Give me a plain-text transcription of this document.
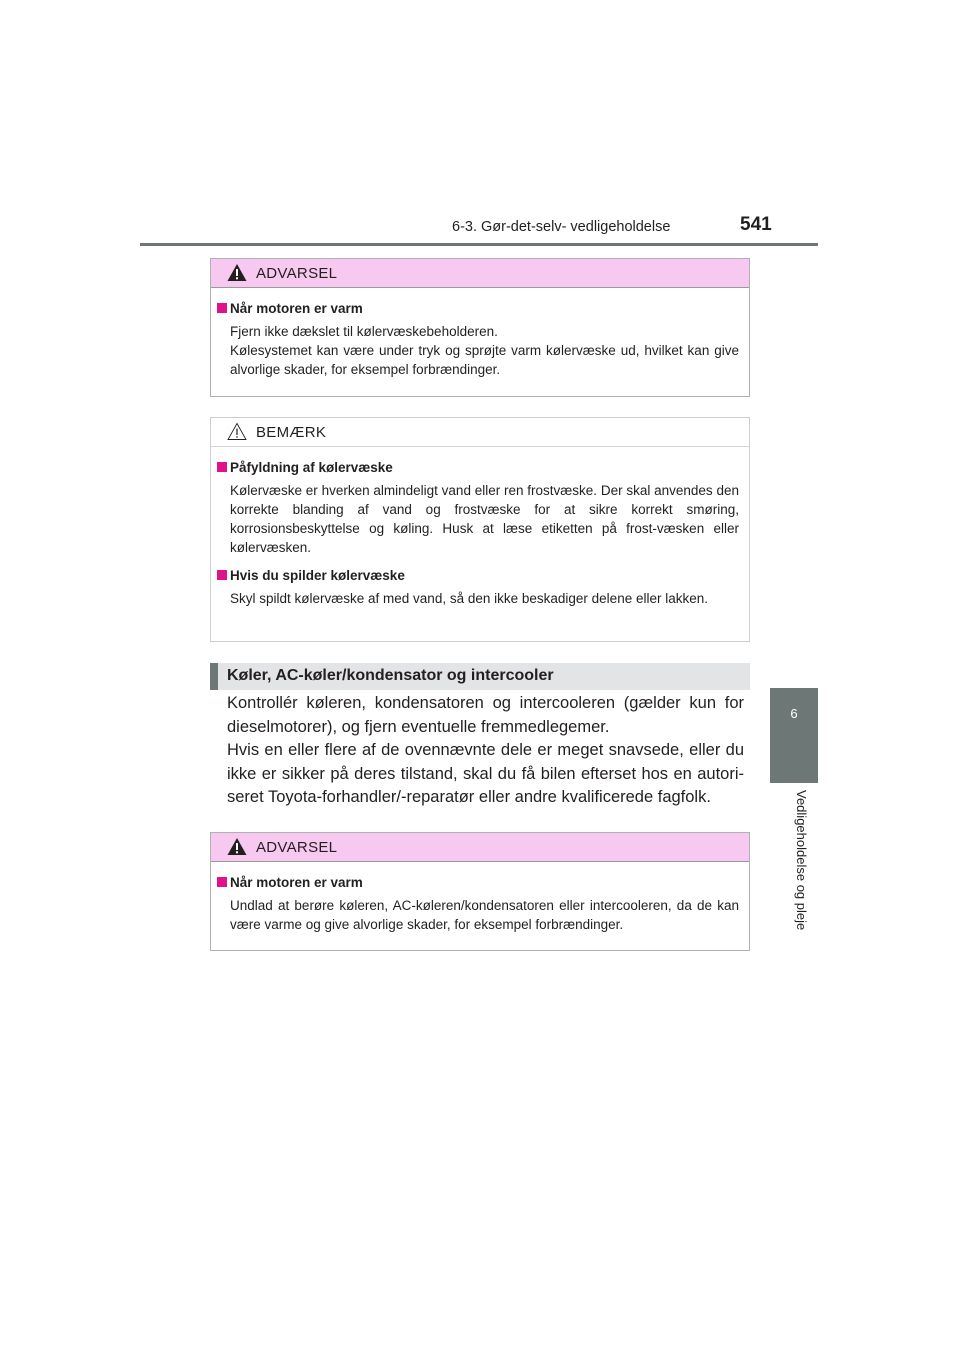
6-3. Gør-det-selv- vedligeholdelse	541
6
Vedligeholdelse og pleje
ADVARSEL
Når motoren er varm

Fjern ikke dækslet til kølervæskebeholderen.

Kølesystemet kan være under tryk og sprøjte varm kølervæske ud, hvilket kan give alvorlige skader, for eksempel forbrændinger.

BEMÆRK
Påfyldning af kølervæske
Kølervæske er hverken almindeligt vand eller ren frostvæske. Der skal anvendes den korrekte blanding af vand og frostvæske for at sikre korrekt smøring, korrosionsbeskyttelse og køling. Husk at læse etiketten på frost-væsken eller kølervæsken.
Hvis du spilder kølervæske
Skyl spildt kølervæske af med vand, så den ikke beskadiger delene eller lakken.
Køler, AC-køler/kondensator og intercooler

Kontrollér køleren, kondensatoren og intercooleren (gælder kun for dieselmotorer), og fjern eventuelle fremmedlegemer.

Hvis en eller flere af de ovennævnte dele er meget snavsede, eller du ikke er sikker på deres tilstand, skal du få bilen efterset hos en autori-seret Toyota-forhandler/-reparatør eller andre kvalificerede fagfolk.

ADVARSEL
Når motoren er varm
Undlad at berøre køleren, AC-køleren/kondensatoren eller intercooleren, da de kan være varme og give alvorlige skader, for eksempel forbrændinger.
